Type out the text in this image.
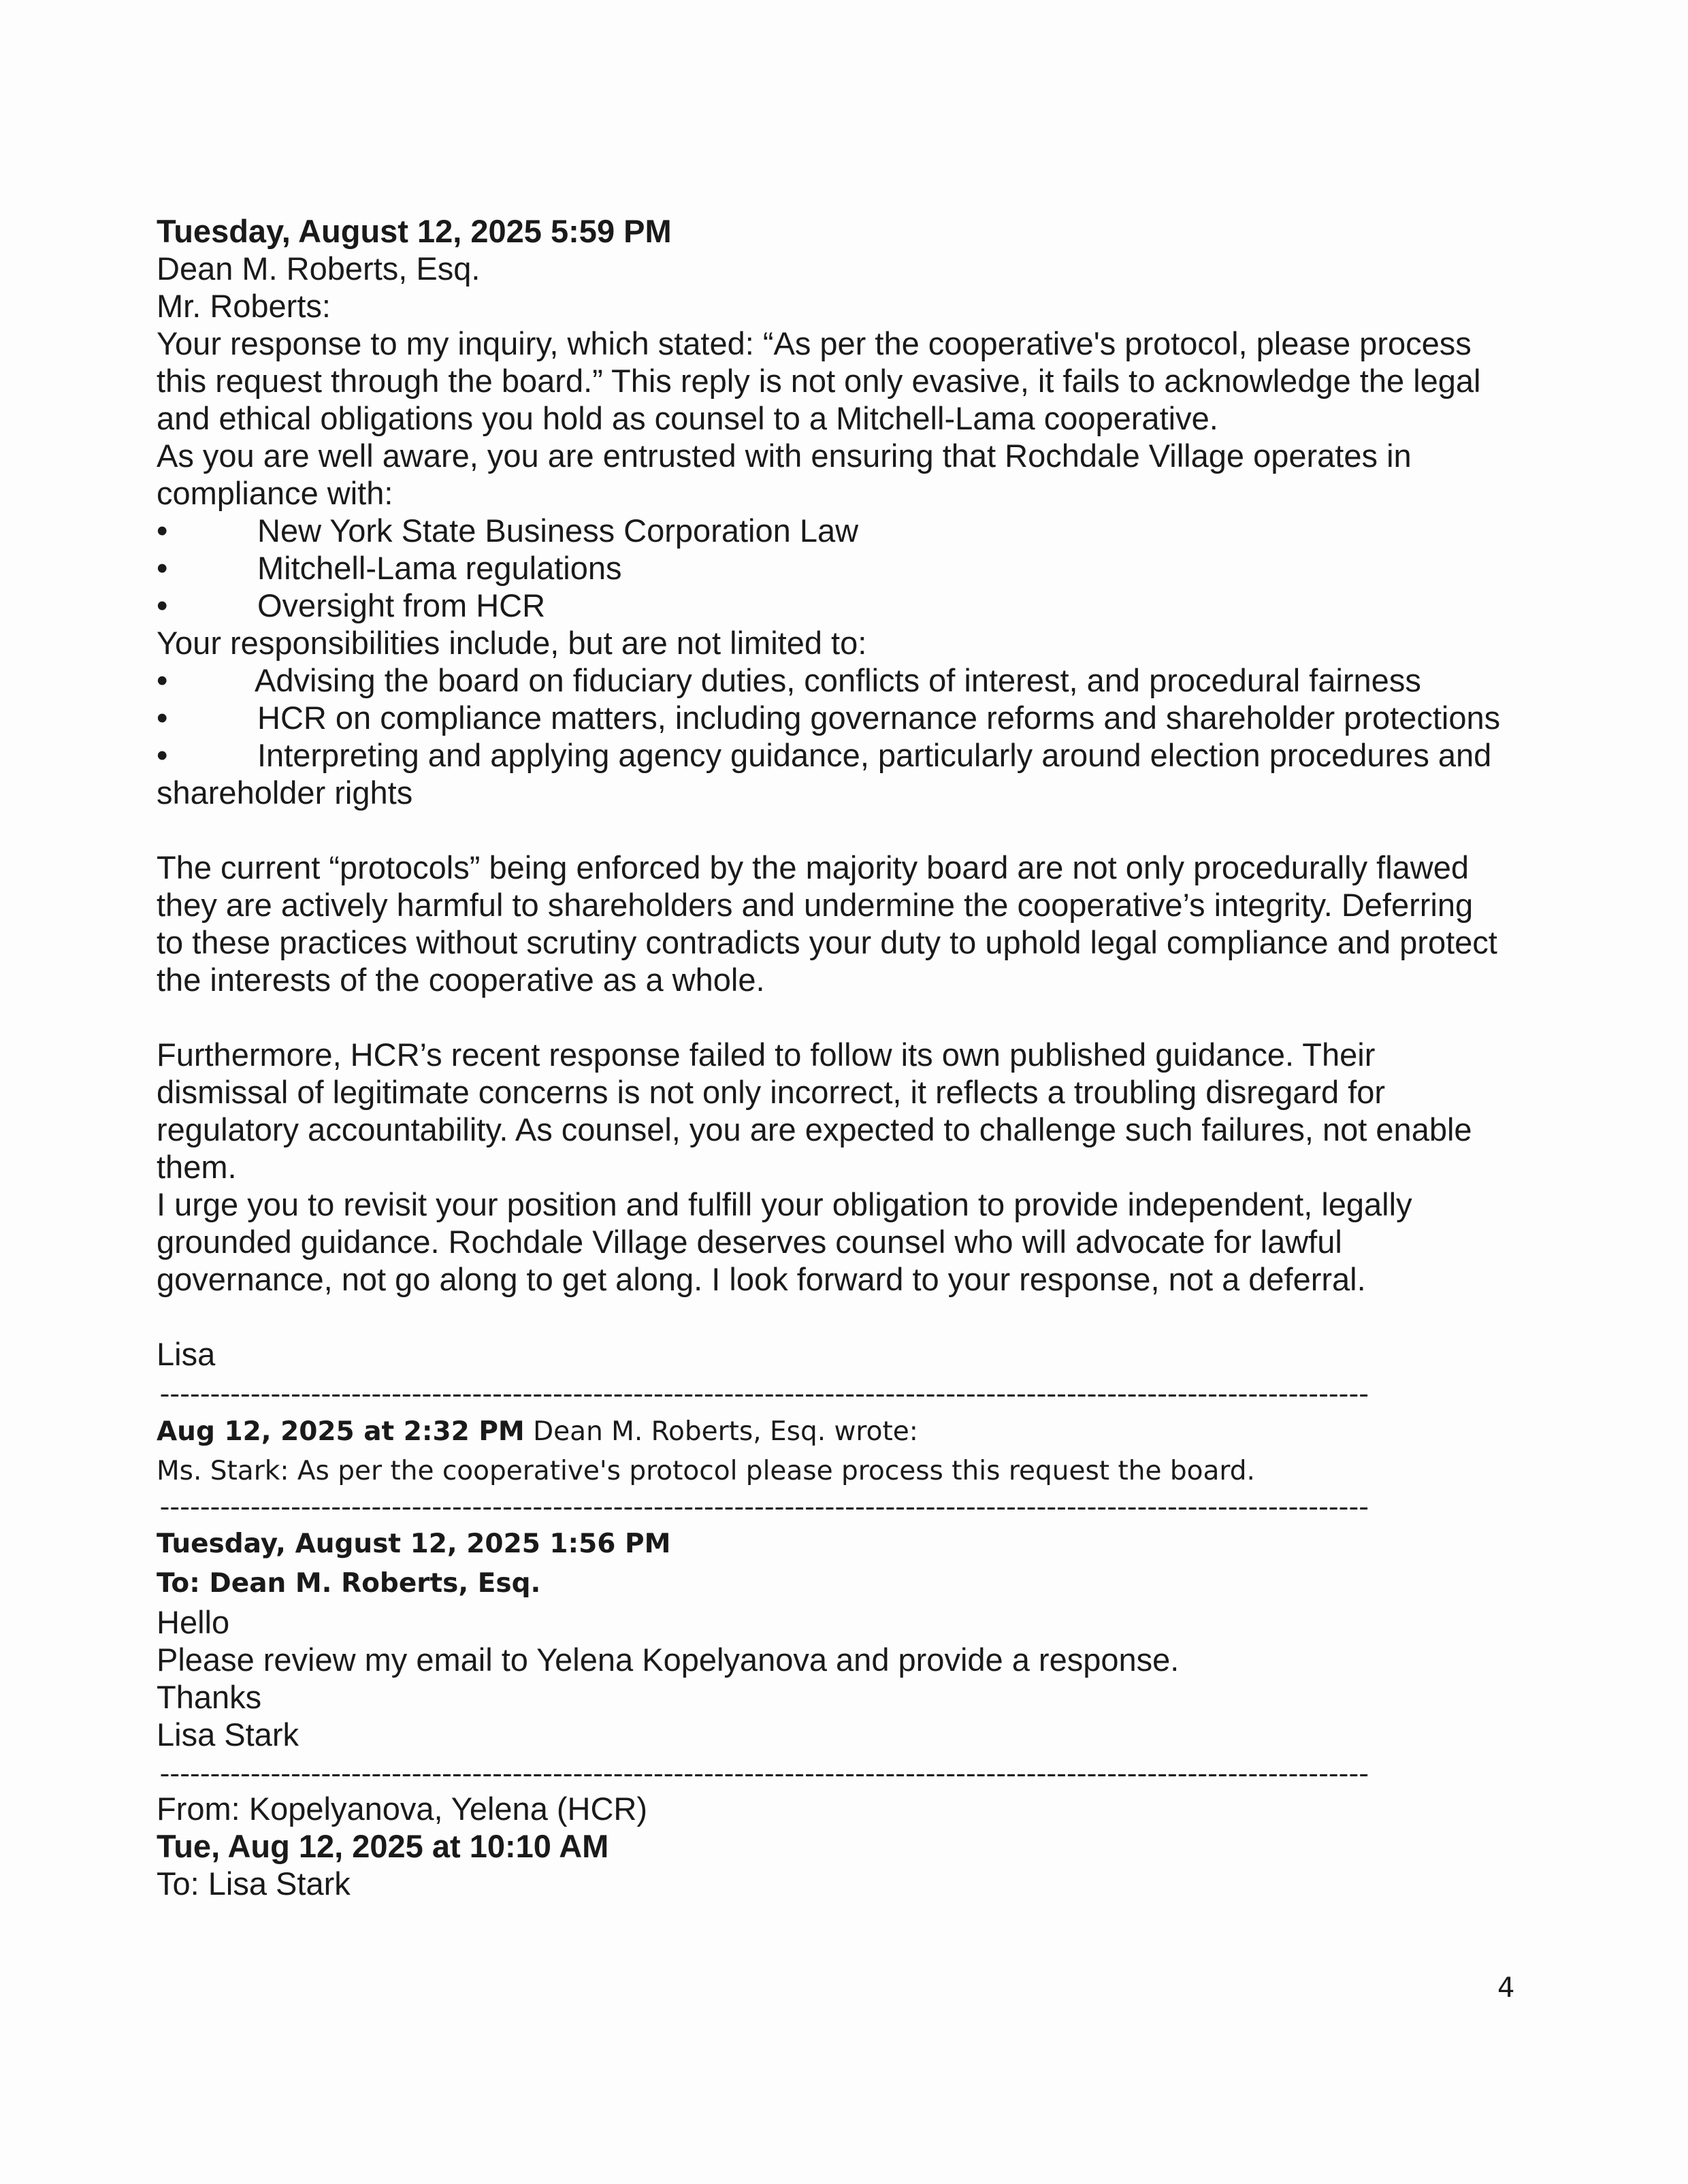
Tuesday, August 12, 2025 5:59 PM
Dean M. Roberts, Esq.
Mr. Roberts:
Your response to my inquiry, which stated: “As per the cooperative's protocol, please process
this request through the board.” This reply is not only evasive, it fails to acknowledge the legal
and ethical obligations you hold as counsel to a Mitchell-Lama cooperative.
As you are well aware, you are entrusted with ensuring that Rochdale Village operates in
compliance with:
•	New York State Business Corporation Law
•	Mitchell-Lama regulations
•	Oversight from HCR
Your responsibilities include, but are not limited to:
•	Advising the board on fiduciary duties, conflicts of interest, and procedural fairness
•	HCR on compliance matters, including governance reforms and shareholder protections
•	Interpreting and applying agency guidance, particularly around election procedures and
shareholder rights
The current “protocols” being enforced by the majority board are not only procedurally flawed
they are actively harmful to shareholders and undermine the cooperative’s integrity. Deferring
to these practices without scrutiny contradicts your duty to uphold legal compliance and protect
the interests of the cooperative as a whole.
Furthermore, HCR’s recent response failed to follow its own published guidance. Their
dismissal of legitimate concerns is not only incorrect, it reflects a troubling disregard for
regulatory accountability. As counsel, you are expected to challenge such failures, not enable
them.
I urge you to revisit your position and fulfill your obligation to provide independent, legally
grounded guidance. Rochdale Village deserves counsel who will advocate for lawful
governance, not go along to get along. I look forward to your response, not a deferral.
Lisa
------------------------------------------------------------------------------------------------------------------------
Aug 12, 2025 at 2:32 PM Dean M. Roberts, Esq. wrote:
Ms. Stark: As per the cooperative's protocol please process this request the board.
------------------------------------------------------------------------------------------------------------------------
Tuesday, August 12, 2025 1:56 PM
To: Dean M. Roberts, Esq.
Hello
Please review my email to Yelena Kopelyanova and provide a response.
Thanks
Lisa Stark
------------------------------------------------------------------------------------------------------------------------
From: Kopelyanova, Yelena (HCR)
Tue, Aug 12, 2025 at 10:10 AM
To: Lisa Stark
4
